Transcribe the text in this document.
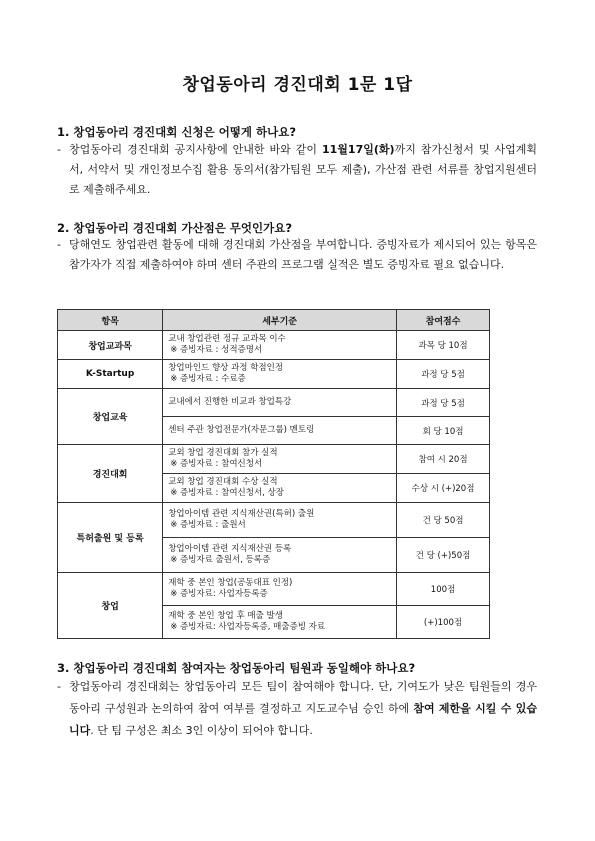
창업동아리 경진대회 1문 1답
1. 창업동아리 경진대회 신청은 어떻게 하나요?
- 창업동아리 경진대회 공지사항에 안내한 바와 같이 11월17일(화)까지 참가신청서 및 사업계획서, 서약서 및 개인정보수집 활용 동의서(참가팀원 모두 제출), 가산점 관련 서류를 창업지원센터로 제출해주세요.
2. 창업동아리 경진대회 가산점은 무엇인가요?
- 당해연도 창업관련 활동에 대해 경진대회 가산점을 부여합니다. 증빙자료가 제시되어 있는 항목은 참가자가 직접 제출하여야 하며 센터 주관의 프로그램 실적은 별도 증빙자료 필요 없습니다.
항목	세부기준	참여점수
창업교과목	교내 창업관련 정규 교과목 이수
※ 증빙자료 : 성적증명서	과목 당 10점
K-Startup	창업마인드 향상 과정 학점인정
※ 증빙자료 : 수료증	과정 당 5점
창업교육	교내에서 진행한 비교과 창업특강	과정 당 5점

	센터 주관 창업전문가(자문그룹) 멘토링	회 당 10점
경진대회	교외 창업 경진대회 참가 실적
※ 증빙자료 : 참여신청서	참여 시 20점

	교외 창업 경진대회 수상 실적
※ 증빙자료 : 참여신청서, 상장	수상 시 (+)20점
특허출원 및 등록	창업아이템 관련 지식재산권(특허) 출원
※ 증빙자료 : 출원서	건 당 50점

	창업아이템 관련 지식재산권 등록
※ 증빙자료 출원서, 등록증	건 당 (+)50점
창업	재학 중 본인 창업(공동대표 인정)
※ 증빙자료: 사업자등록증	100점

	재학 중 본인 창업 후 매출 발생
※ 증빙자료: 사업자등록증, 매출증빙 자료	(+)100점
3. 창업동아리 경진대회 참여자는 창업동아리 팀원과 동일해야 하나요?
- 창업동아리 경진대회는 창업동아리 모든 팀이 참여해야 합니다. 단, 기여도가 낮은 팀원들의 경우 동아리 구성원과 논의하여 참여 여부를 결정하고 지도교수님 승인 하에 참여 제한을 시킬 수 있습니다. 단 팀 구성은 최소 3인 이상이 되어야 합니다.
